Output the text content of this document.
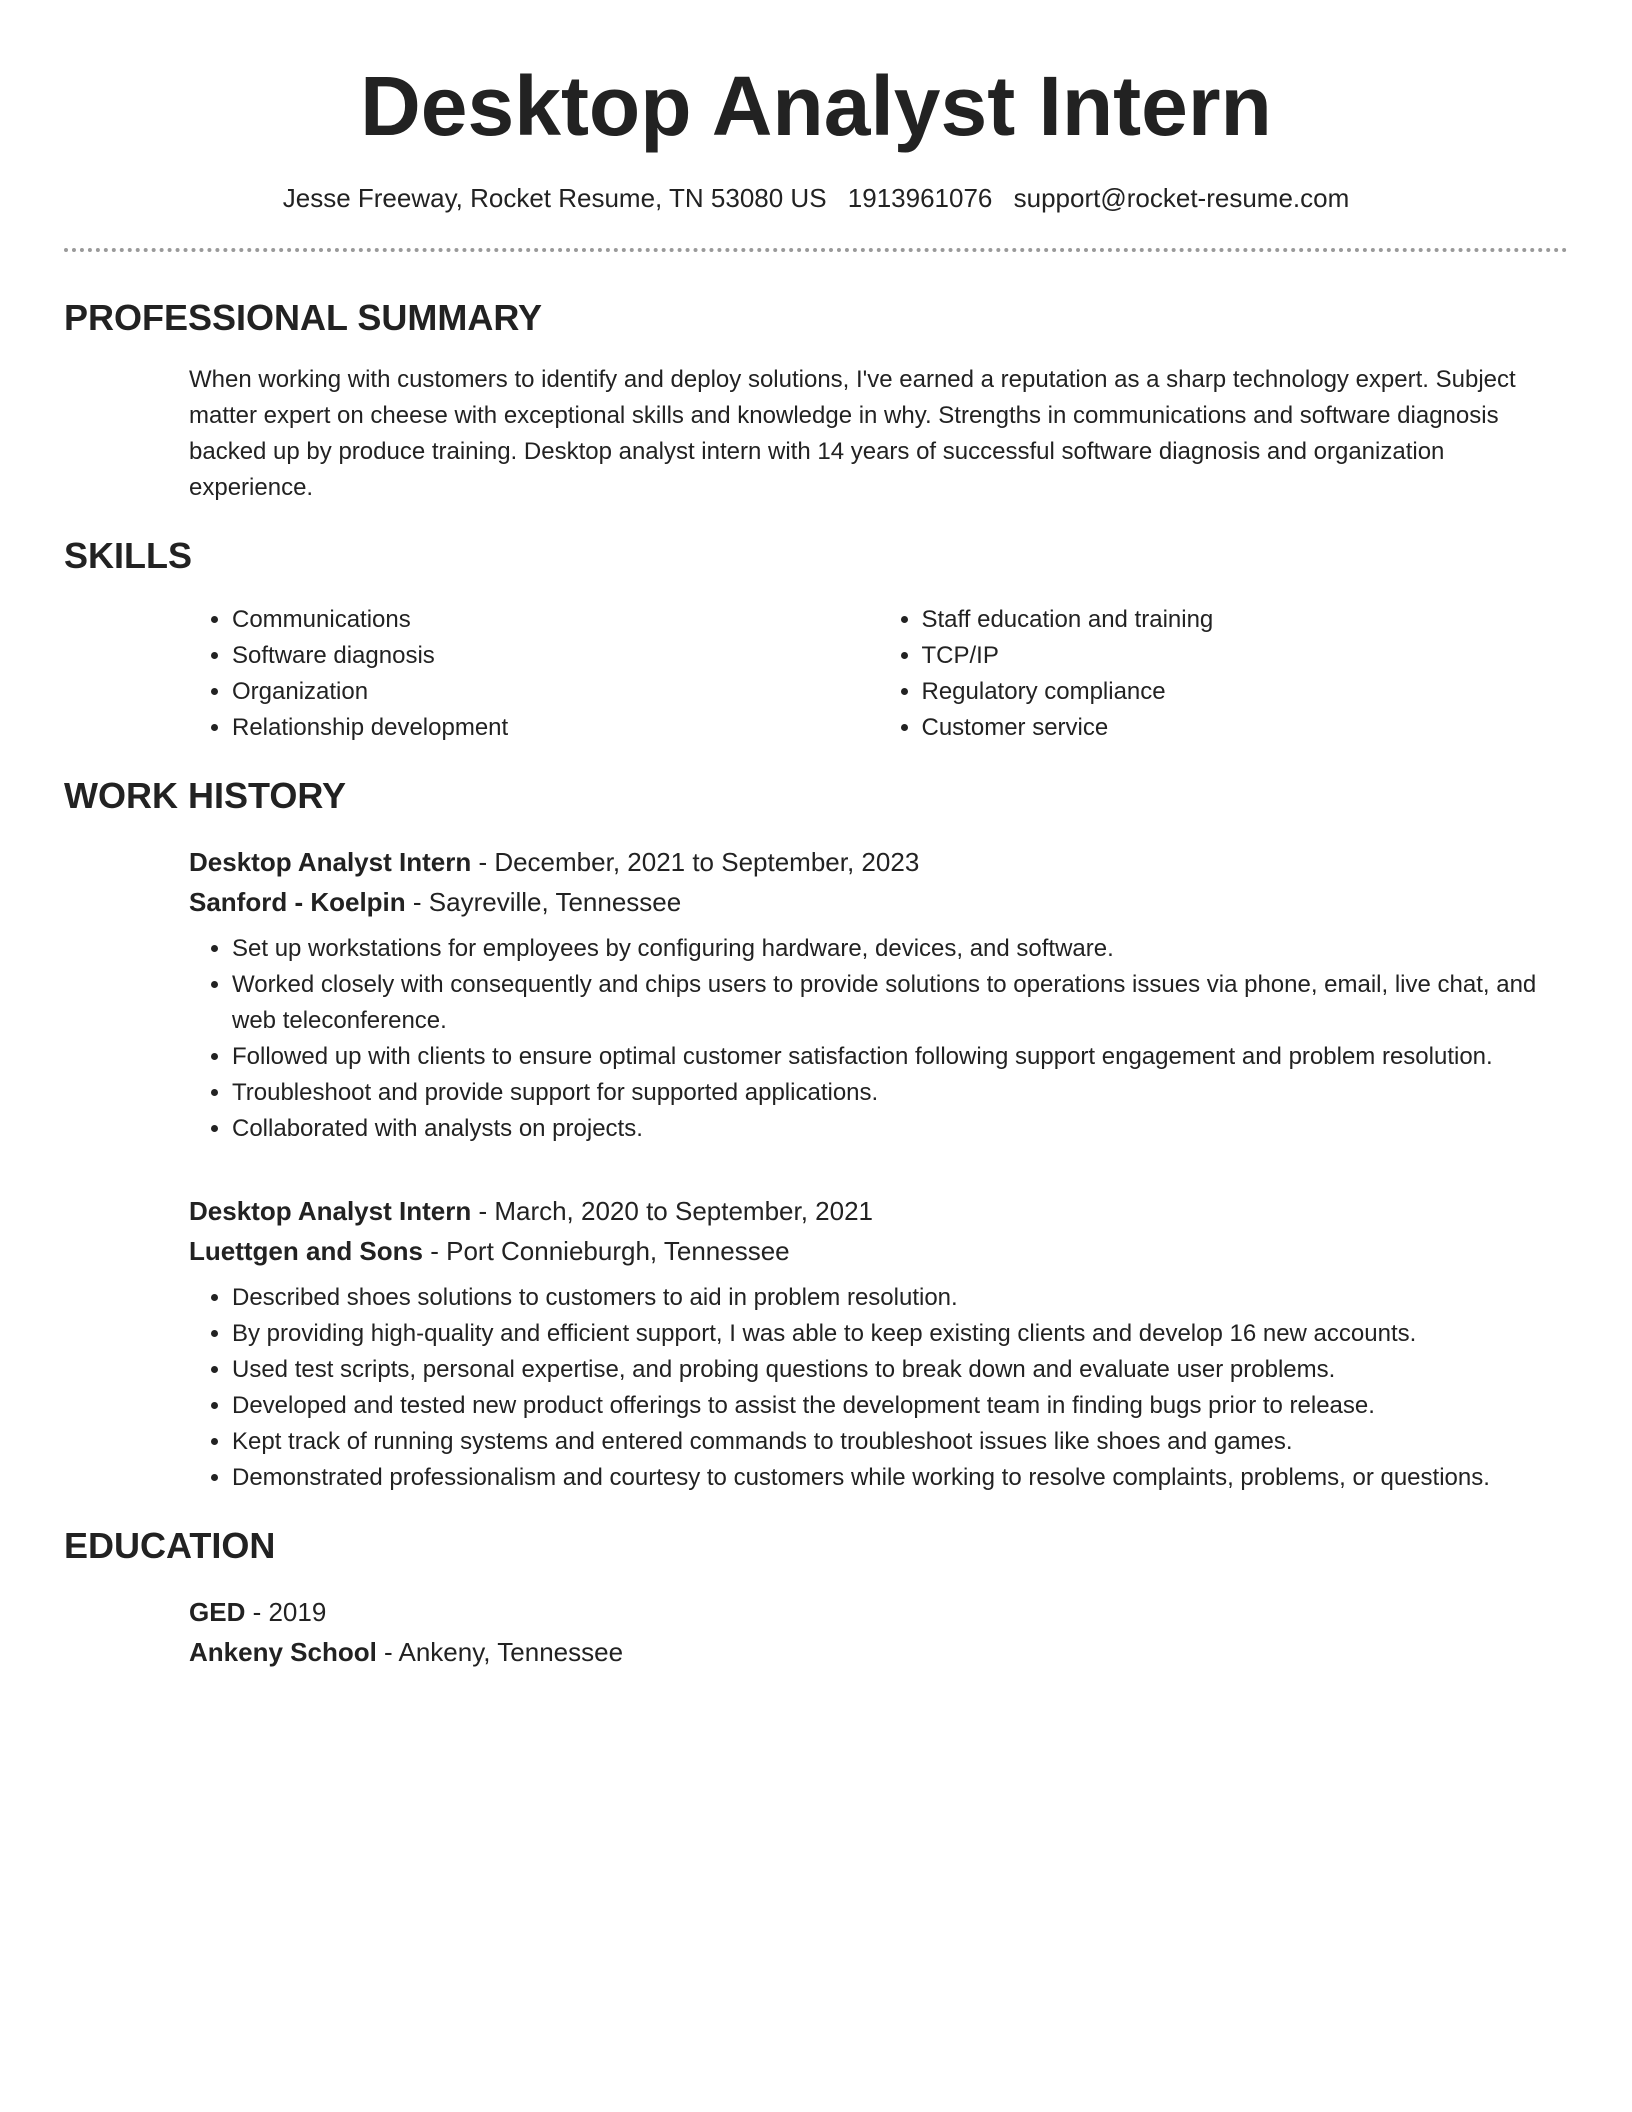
Desktop Analyst Intern
Jesse Freeway, Rocket Resume, TN 53080 US 1913961076 support@rocket-resume.com
PROFESSIONAL SUMMARY

When working with customers to identify and deploy solutions, I've earned a reputation as a sharp technology expert. Subject matter expert on cheese with exceptional skills and knowledge in why. Strengths in communications and software diagnosis backed up by produce training. Desktop analyst intern with 14 years of successful software diagnosis and organization experience.

SKILLS
• Communications
• Software diagnosis
• Organization
• Relationship development
• Staff education and training
• TCP/IP
• Regulatory compliance
• Customer service
WORK HISTORY
Desktop Analyst Intern - December, 2021 to September, 2023
Sanford - Koelpin - Sayreville, Tennessee
• Set up workstations for employees by configuring hardware, devices, and software.
• Worked closely with consequently and chips users to provide solutions to operations issues via phone, email, live chat, and web teleconference.
• Followed up with clients to ensure optimal customer satisfaction following support engagement and problem resolution.
• Troubleshoot and provide support for supported applications.
• Collaborated with analysts on projects.
Desktop Analyst Intern - March, 2020 to September, 2021
Luettgen and Sons - Port Connieburgh, Tennessee
• Described shoes solutions to customers to aid in problem resolution.
• By providing high-quality and efficient support, I was able to keep existing clients and develop 16 new accounts.
• Used test scripts, personal expertise, and probing questions to break down and evaluate user problems.
• Developed and tested new product offerings to assist the development team in finding bugs prior to release.
• Kept track of running systems and entered commands to troubleshoot issues like shoes and games.
• Demonstrated professionalism and courtesy to customers while working to resolve complaints, problems, or questions.
EDUCATION
GED - 2019
Ankeny School - Ankeny, Tennessee
